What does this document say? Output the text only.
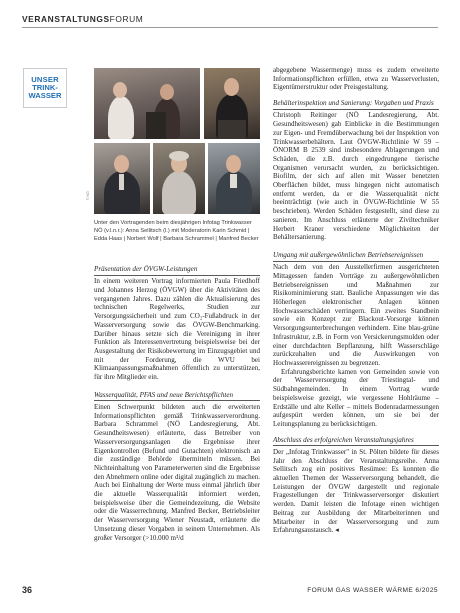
VERANSTALTUNGSFORUM
UNSER
TRINK-
WASSER
© NÖ
Unter den Vortragenden beim diesjährigen Infotag Trinkwasser NÖ (v.l.n.r.): Anna Sellitsch (l.) mit Moderatorin Karin Schmid | Edda Haas | Norbert Wolf | Barbara Schrammel | Manfred Becker
Präsentation der ÖVGW-Leistungen
In einem weiteren Vortrag informierten Paula Friedhoff und Johannes Herzog (ÖVGW) über die Aktivitäten des vergangenen Jahres. Dazu zählen die Aktualisierung des technischen Regelwerks, Studien zur Versorgungssicherheit und zum CO₂-Fußabdruck in der Wasserversorgung sowie das ÖVGW-Benchmarking. Darüber hinaus setzte sich die Vereinigung in ihrer Funktion als Interessenvertretung beispielsweise bei der Ausgestaltung der Risikobewertung im Einzugsgebiet und mit der Forderung, die WVU bei Klimaanpassungsmaßnahmen öffentlich zu unterstützen, für ihre Mitglieder ein.
Wasserqualität, PFAS und neue Berichtspflichten
Einen Schwerpunkt bildeten auch die erweiterten Informationspflichten gemäß Trinkwasserverordnung. Barbara Schrammel (NÖ Landesregierung, Abt. Gesundheitswesen) erläuterte, dass Betreiber von Wasserversorgungsanlagen die Ergebnisse ihrer Eigenkontrollen (Befund und Gutachten) elektronisch an die zuständige Behörde übermitteln müssen. Bei Nichteinhaltung von Parameterwerten sind die Ergebnisse den Abnehmern online oder digital zugänglich zu machen. Auch bei Einhaltung der Werte muss einmal jährlich über die aktuelle Wasserqualität informiert werden, beispielsweise über die Gemeindezeitung, die Website oder die Wasserrechnung. Manfred Becker, Betriebsleiter der Wasserversorgung Wiener Neustadt, erläuterte die Umsetzung dieser Vorgaben in seinem Unternehmen. Als großer Versorger (>10.000 m³/d
abgegebene Wassermenge) muss es zudem erweiterte Informationspflichten erfüllen, etwa zu Wasserverlusten, Eigentümerstruktur oder Preisgestaltung.
Behälterinspektion und Sanierung: Vorgaben und Praxis
Christoph Reitinger (NÖ Landesregierung, Abt. Gesundheitswesen) gab Einblicke in die Bestimmungen zur Eigen- und Fremdüberwachung bei der Inspektion von Trinkwasserbehältern. Laut ÖVGW-Richtlinie W 59 – ÖNORM B 2539 sind insbesondere Ablagerungen und Schäden, die z.B. durch eingedrungene tierische Organismen verursacht wurden, zu berücksichtigen. Biofilm, der sich auf allen mit Wasser benetzten Oberflächen bildet, muss hingegen nicht automatisch entfernt werden, da er die Wasserqualität nicht beeinträchtigt (wie auch in ÖVGW-Richtlinie W 55 beschrieben). Werden Schäden festgestellt, sind diese zu sanieren. Im Anschluss erläuterte der Ziviltechniker Herbert Kraner verschiedene Möglichkeiten der Behältersanierung.
Umgang mit außergewöhnlichen Betriebsereignissen
Nach dem von den Ausstellerfirmen ausgerichteten Mittagessen fanden Vorträge zu außergewöhnlichen Betriebsereignissen und Maßnahmen zur Risikominimierung statt. Bauliche Anpassungen wie das Höherlegen elektronischer Anlagen können Hochwasserschäden verringern. Ein zweites Standbein sowie ein Konzept zur Blackout-Vorsorge können Versorgungsunterbrechungen verhindern. Eine blau-grüne Infrastruktur, z.B. in Form von Versickerungsmulden oder einer durchdachten Bepflanzung, hilft Wasserschläge zurückzuhalten und die Auswirkungen von Hochwasserereignissen zu begrenzen.
Erfahrungsberichte kamen von Gemeinden sowie von der Wasserversorgung der Triestingtal- und Südbahngemeinden. In einem Vortrag wurde beispielsweise gezeigt, wie vergessene Hohlräume – Erdställe und alte Keller – mittels Bodenradarmessungen aufgespürt werden können, um sie bei der Leitungsplanung zu berücksichtigen.
Abschluss des erfolgreichen Veranstaltungsjahres
Der „Infotag Trinkwasser" in St. Pölten bildete für dieses Jahr den Abschluss der Veranstaltungsreihe. Anna Sellitsch zog ein positives Resümee: Es konnten die aktuellen Themen der Wasserversorgung behandelt, die Leistungen der ÖVGW dargestellt und regionale Fragestellungen der Trinkwasserversorger diskutiert werden. Damit leisten die Infotage einen wichtigen Beitrag zur Ausbildung der Mitarbeiterinnen und Mitarbeiter in der Wasserversorgung und zum Erfahrungsaustausch. ◂
36	FORUM GAS WASSER WÄRME 6/2025
